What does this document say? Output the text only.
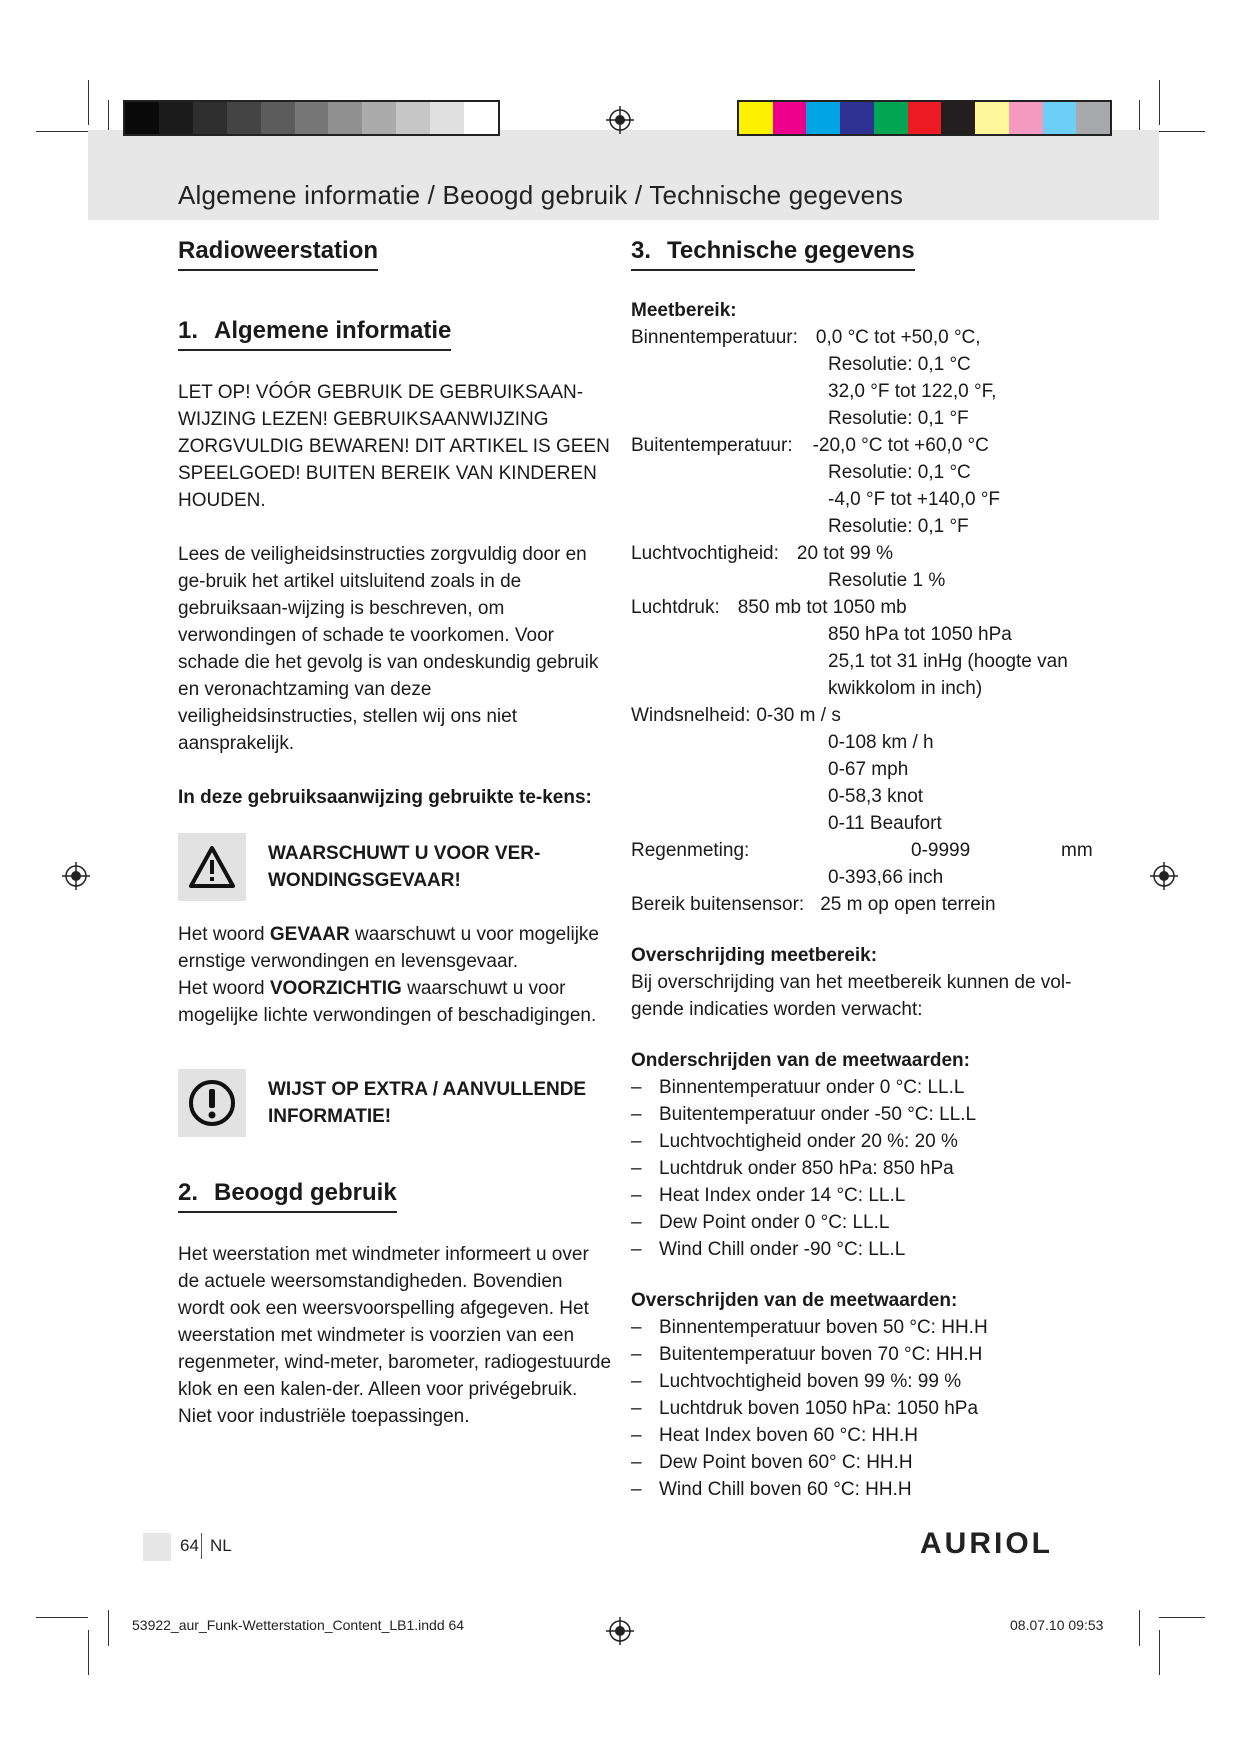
Algemene informatie / Beoogd gebruik / Technische gegevens
Radioweerstation
1. Algemene informatie

LET OP! VÓÓR GEBRUIK DE GEBRUIKSAAN-WIJZING LEZEN! GEBRUIKSAANWIJZING ZORGVULDIG BEWAREN! DIT ARTIKEL IS GEEN SPEELGOED! BUITEN BEREIK VAN KINDEREN HOUDEN.

Lees de veiligheidsinstructies zorgvuldig door en ge-bruik het artikel uitsluitend zoals in de gebruiksaan-wijzing is beschreven, om verwondingen of schade te voorkomen. Voor schade die het gevolg is van ondeskundig gebruik en veronachtzaming van deze veiligheidsinstructies, stellen wij ons niet aansprakelijk.

In deze gebruiksaanwijzing gebruikte te-kens:

WAARSCHUWT U VOOR VER-WONDINGSGEVAAR!

Het woord GEVAAR waarschuwt u voor mogelijke ernstige verwondingen en levensgevaar.

Het woord VOORZICHTIG waarschuwt u voor mogelijke lichte verwondingen of beschadigingen.

WIJST OP EXTRA / AANVULLENDE INFORMATIE!
2. Beoogd gebruik

Het weerstation met windmeter informeert u over de actuele weersomstandigheden. Bovendien wordt ook een weersvoorspelling afgegeven. Het weerstation met windmeter is voorzien van een regenmeter, wind-meter, barometer, radiogestuurde klok en een kalen-der. Alleen voor privégebruik. Niet voor industriële toepassingen.

3. Technische gegevens

Meetbereik:

Binnentemperatuur: 0,0 °C tot +50,0 °C,
Resolutie: 0,1 °C
32,0 °F tot 122,0 °F,
Resolutie: 0,1 °F
Buitentemperatuur: -20,0 °C tot +60,0 °C
Resolutie: 0,1 °C
-4,0 °F tot +140,0 °F
Resolutie: 0,1 °F
Luchtvochtigheid: 20 tot 99 %
Resolutie 1 %
Luchtdruk: 850 mb tot 1050 mb
850 hPa tot 1050 hPa
25,1 tot 31 inHg (hoogte van kwikkolom in inch)
Windsnelheid: 0-30 m / s
0-108 km / h
0-67 mph
0-58,3 knot
0-11 Beaufort
Regenmeting:	0-9999	mm
0-393,66 inch
Bereik buitensensor: 25 m op open terrein

Overschrijding meetbereik:

Bij overschrijding van het meetbereik kunnen de vol-gende indicaties worden verwacht:

Onderschrijden van de meetwaarden:

– Binnentemperatuur onder 0 °C: LL.L
– Buitentemperatuur onder -50 °C: LL.L
– Luchtvochtigheid onder 20 %: 20 %
– Luchtdruk onder 850 hPa: 850 hPa
– Heat Index onder 14 °C: LL.L
– Dew Point onder 0 °C: LL.L
– Wind Chill onder -90 °C: LL.L

Overschrijden van de meetwaarden:

– Binnentemperatuur boven 50 °C: HH.H
– Buitentemperatuur boven 70 °C: HH.H
– Luchtvochtigheid boven 99 %: 99 %
– Luchtdruk boven 1050 hPa: 1050 hPa
– Heat Index boven 60 °C: HH.H
– Dew Point boven 60° C: HH.H
– Wind Chill boven 60 °C: HH.H
64 NL	AURIOL
53922_aur_Funk-Wetterstation_Content_LB1.indd 64	08.07.10 09:53
